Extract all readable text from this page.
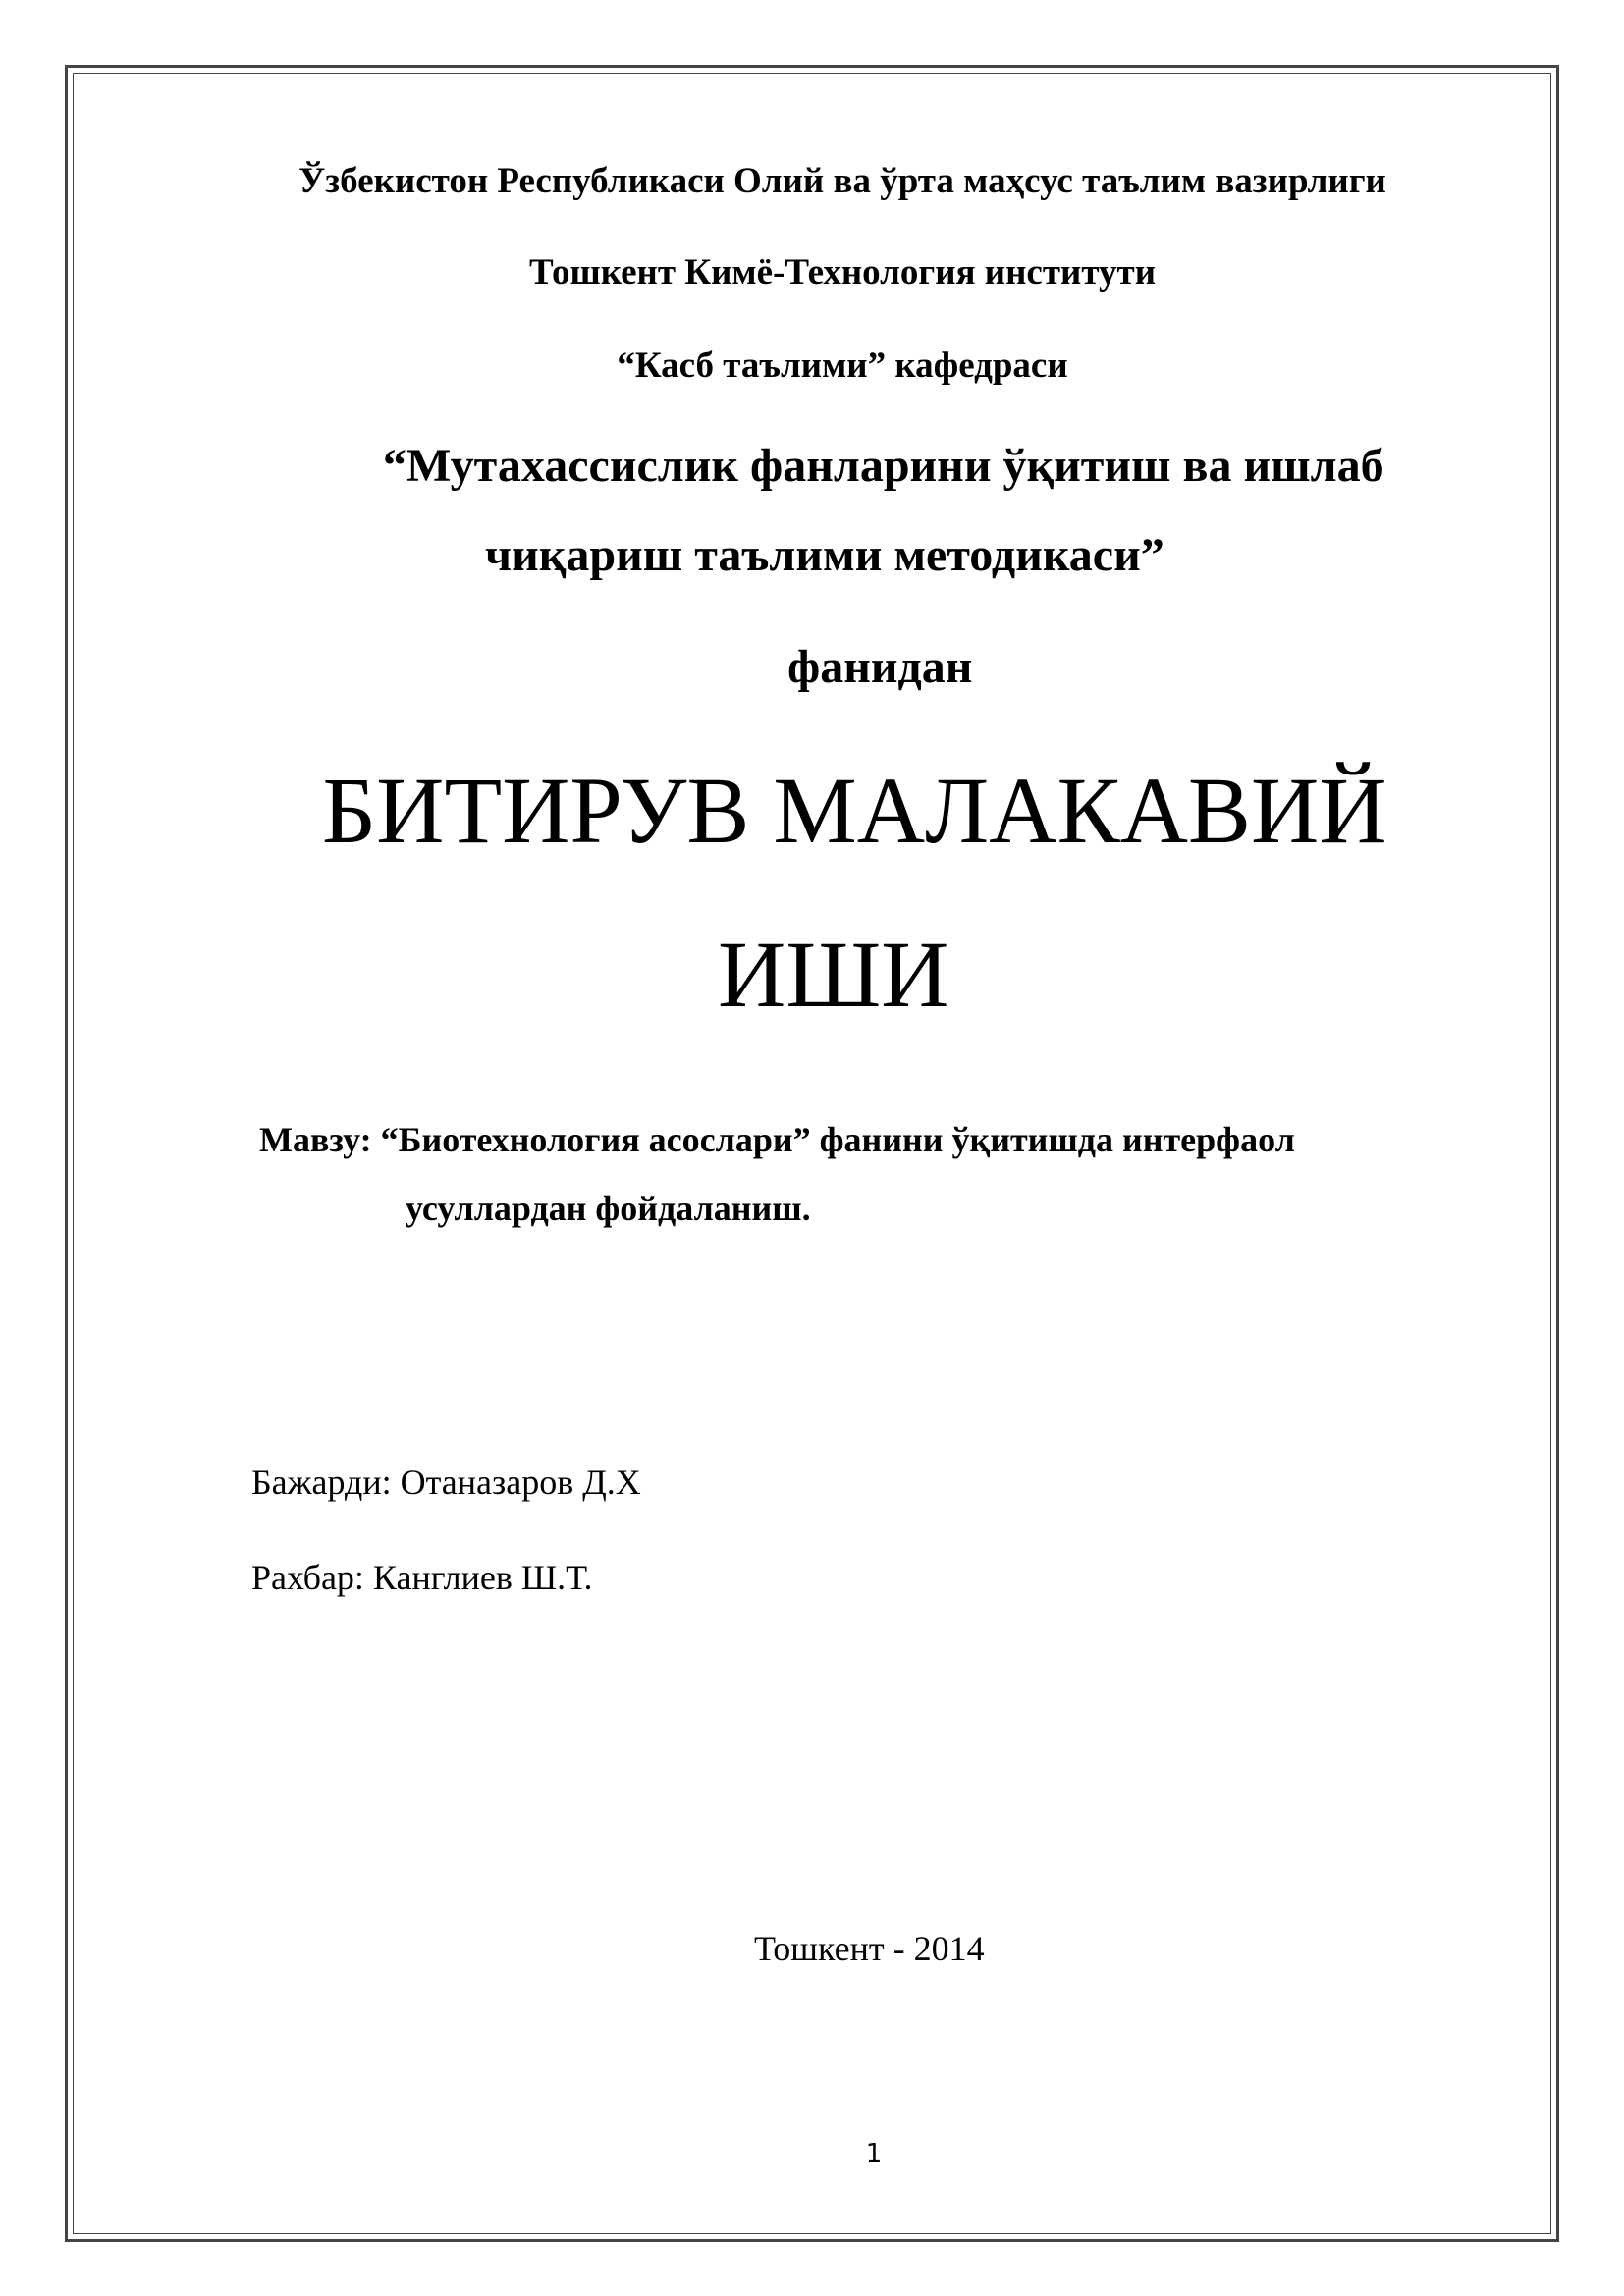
Ўзбекистон Республикаси Олий ва ўрта маҳсус таълим вазирлиги
Тошкент Кимё-Технология институти
“Касб таълими” кафедраси
“Мутахассислик фанларини ўқитиш ва ишлаб
чиқариш таълими методикаси”
фанидан
БИТИРУВ МАЛАКАВИЙ
ИШИ
Мавзу: “Биотехнология асослари” фанини ўқитишда интерфаол
усуллардан фойдаланиш.
Бажарди: Отаназаров Д.Х
Рахбар: Канглиев Ш.Т.
Тошкент - 2014
1
